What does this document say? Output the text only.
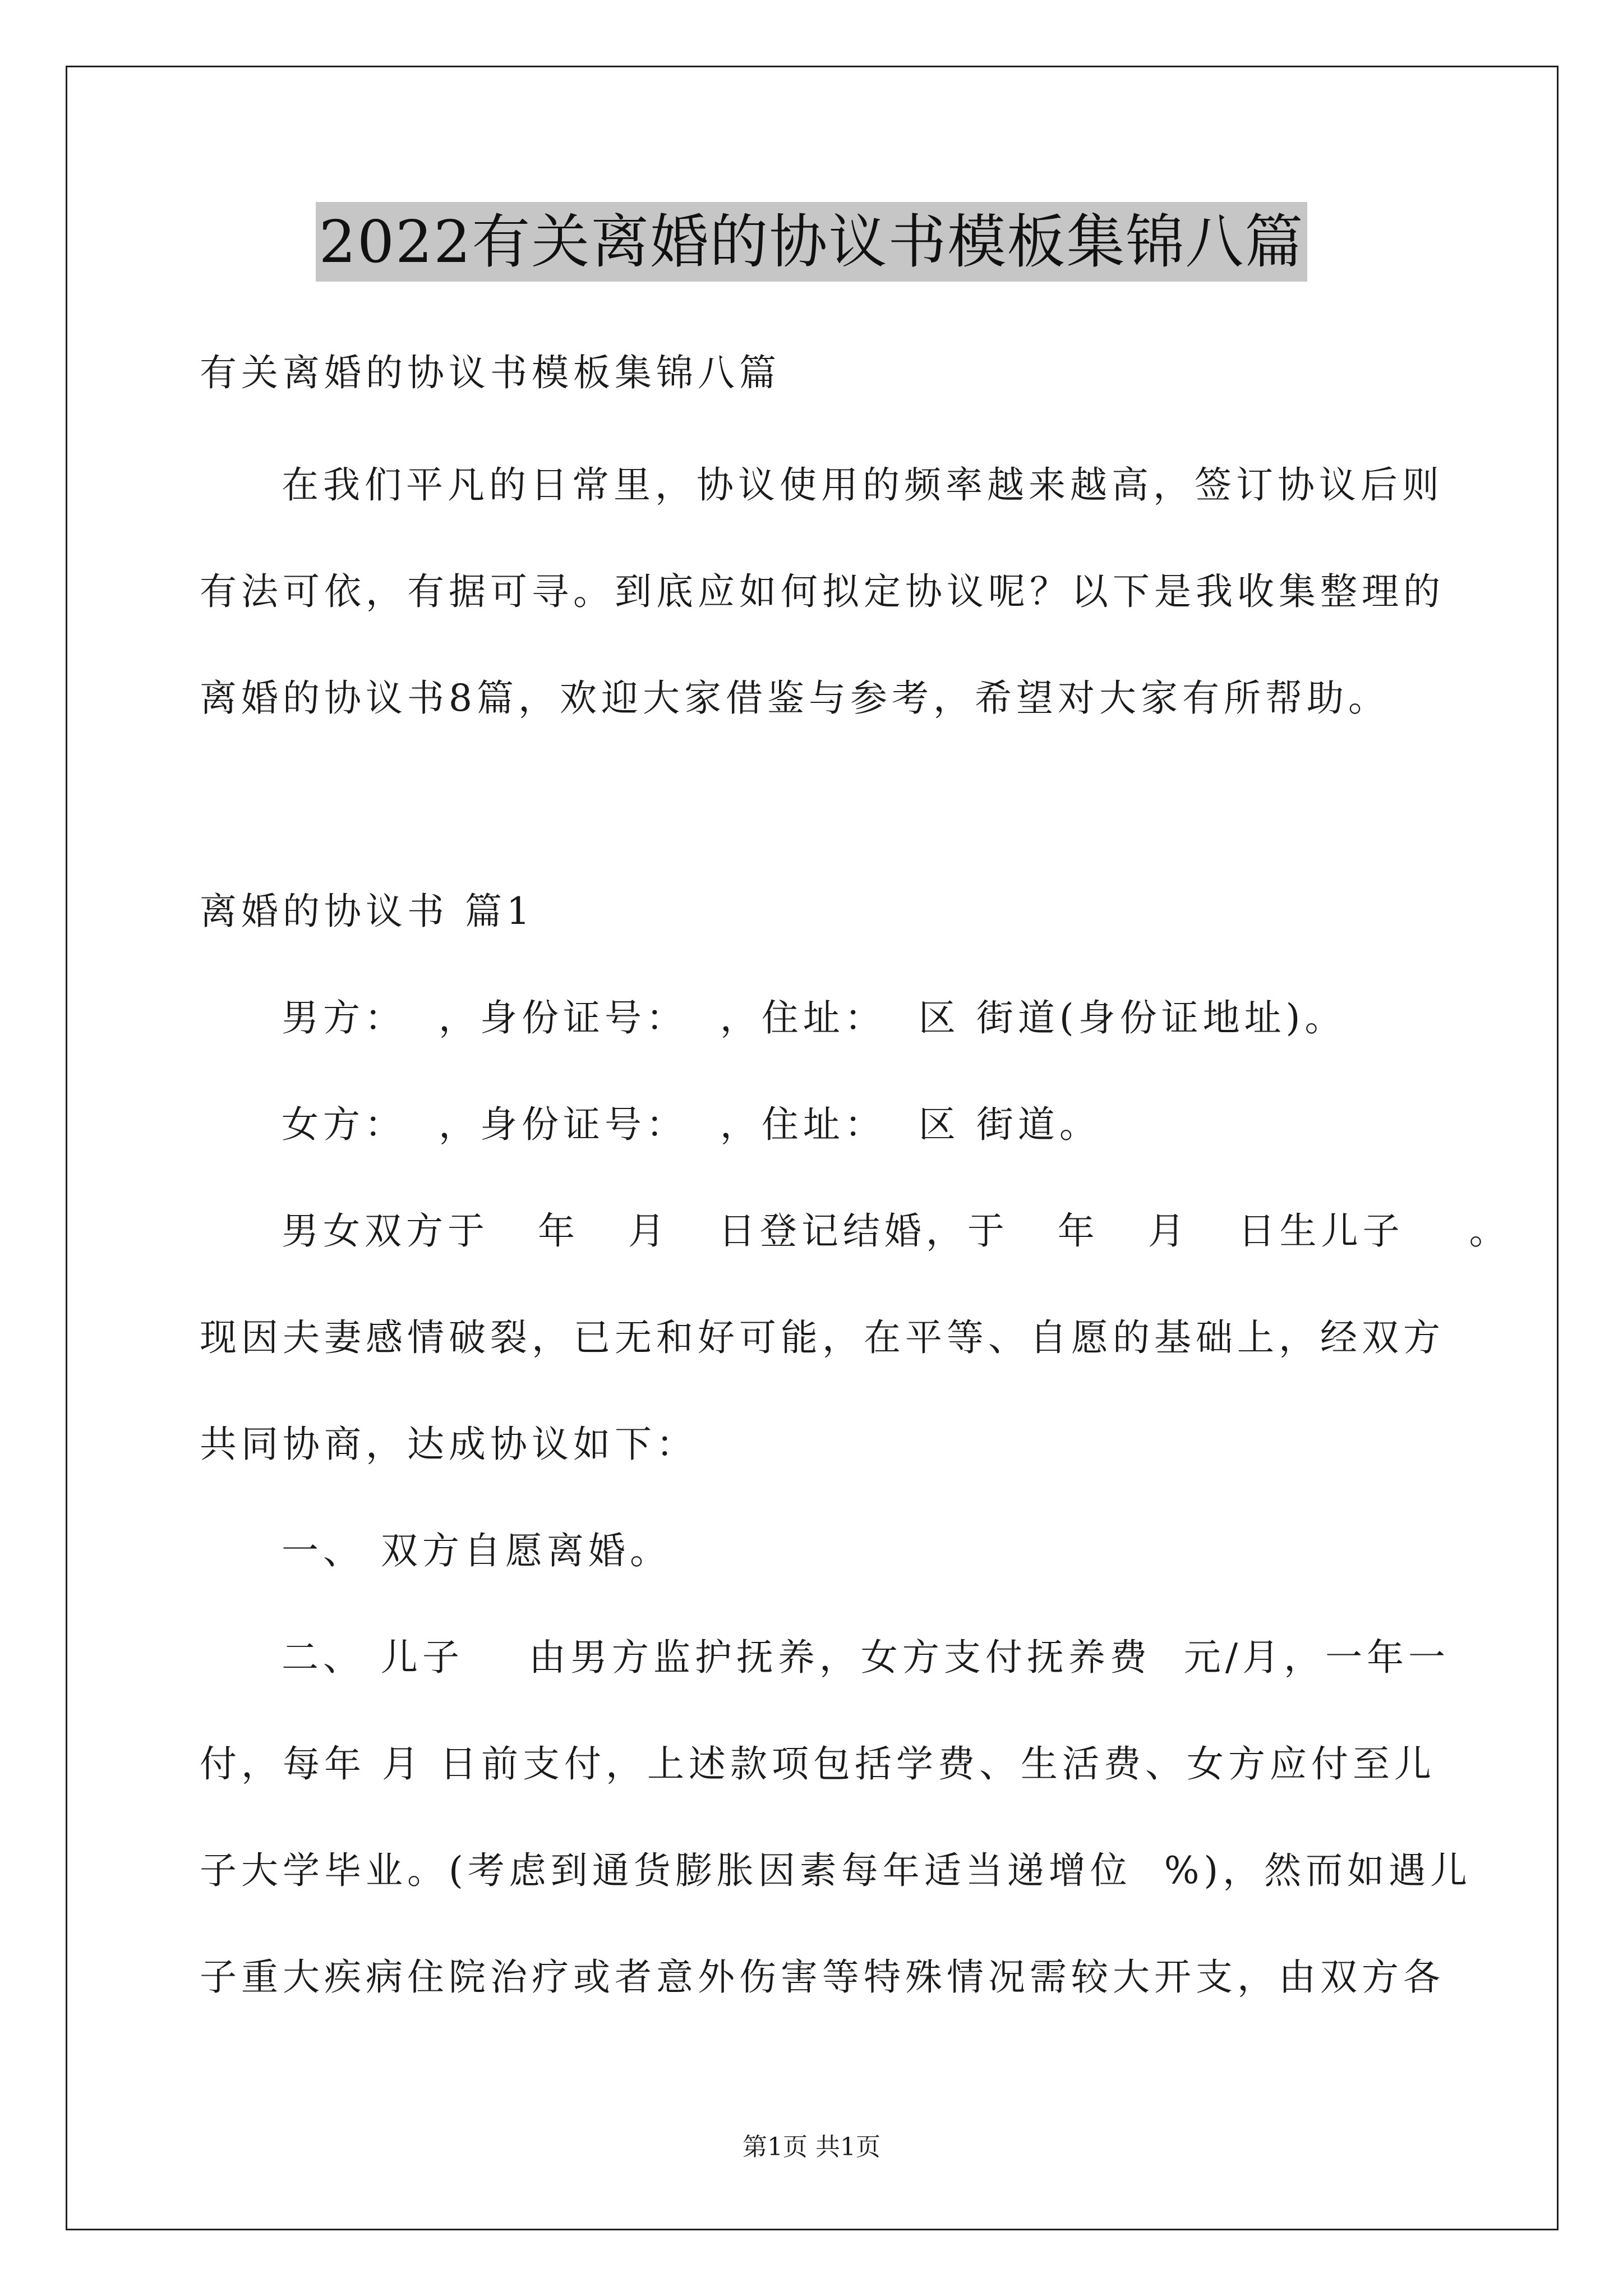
2022有关离婚的协议书模板集锦八篇
有关离婚的协议书模板集锦八篇
在我们平凡的日常里，协议使用的频率越来越高，签订协议后则
有法可依，有据可寻。到底应如何拟定协议呢？以下是我收集整理的
离婚的协议书8篇，欢迎大家借鉴与参考，希望对大家有所帮助。
离婚的协议书 篇1
男方：  ，身份证号：  ，住址：  区 街道(身份证地址)。
女方：  ，身份证号：  ，住址：  区 街道。
男女双方于   年   月   日登记结婚，于   年   月   日生儿子    。
现因夫妻感情破裂，已无和好可能，在平等、自愿的基础上，经双方
共同协商，达成协议如下：
一、 双方自愿离婚。
二、 儿子    由男方监护抚养，女方支付抚养费  元/月，一年一
付，每年 月 日前支付，上述款项包括学费、生活费、女方应付至儿
子大学毕业。(考虑到通货膨胀因素每年适当递增位  %)，然而如遇儿
子重大疾病住院治疗或者意外伤害等特殊情况需较大开支，由双方各
第1页 共1页
